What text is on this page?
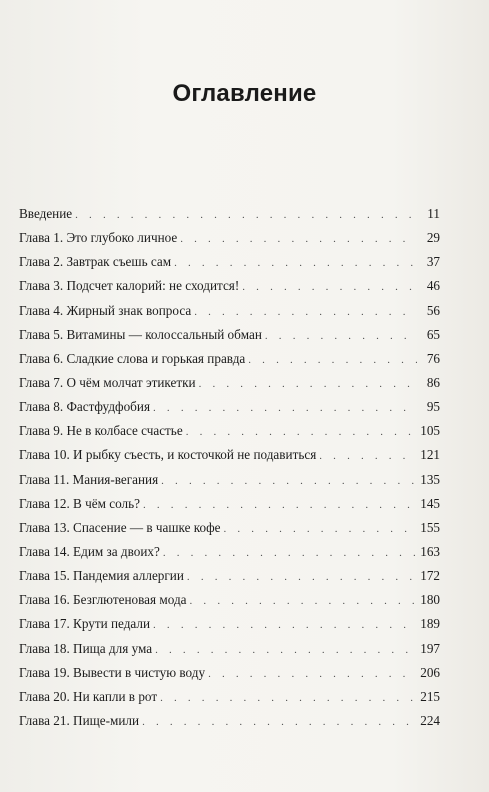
Оглавление
Введение . . .	11
Глава 1. Это глубоко личное . . .	29
Глава 2. Завтрак съешь сам . . .	37
Глава 3. Подсчет калорий: не сходится! . . .	46
Глава 4. Жирный знак вопроса . . .	56
Глава 5. Витамины — колоссальный обман . . .	65
Глава 6. Сладкие слова и горькая правда . . .	76
Глава 7. О чём молчат этикетки . . .	86
Глава 8. Фастфудфобия . . .	95
Глава 9. Не в колбасе счастье . . .	105
Глава 10. И рыбку съесть, и косточкой не подавиться . . .	121
Глава 11. Мания-вегания . . .	135
Глава 12. В чём соль? . . .	145
Глава 13. Спасение — в чашке кофе . . .	155
Глава 14. Едим за двоих? . . .	163
Глава 15. Пандемия аллергии . . .	172
Глава 16. Безглютеновая мода . . .	180
Глава 17. Крути педали . . .	189
Глава 18. Пища для ума . . .	197
Глава 19. Вывести в чистую воду . . .	206
Глава 20. Ни капли в рот . . .	215
Глава 21. Пище-мили . . .	224
